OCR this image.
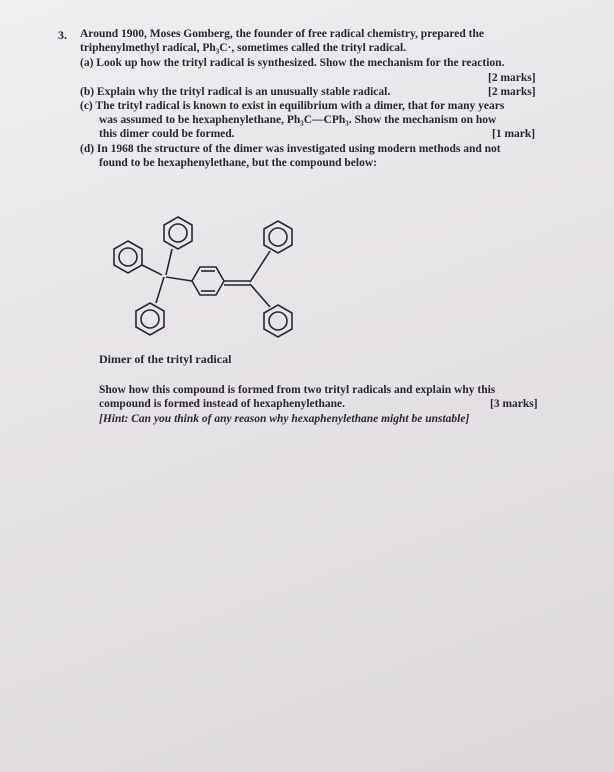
3. Around 1900, Moses Gomberg, the founder of free radical chemistry, prepared the
triphenylmethyl radical, Ph₃C·, sometimes called the trityl radical.
(a) Look up how the trityl radical is synthesized. Show the mechanism for the reaction.
[2 marks]
(b) Explain why the trityl radical is an unusually stable radical.	[2 marks]
(c) The trityl radical is known to exist in equilibrium with a dimer, that for many years
was assumed to be hexaphenylethane, Ph₃C—CPh₃. Show the mechanism on how
this dimer could be formed.	[1 mark]
(d) In 1968 the structure of the dimer was investigated using modern methods and not
found to be hexaphenylethane, but the compound below:
Dimer of the trityl radical
Show how this compound is formed from two trityl radicals and explain why this
compound is formed instead of hexaphenylethane.	[3 marks]
[Hint: Can you think of any reason why hexaphenylethane might be unstable]
